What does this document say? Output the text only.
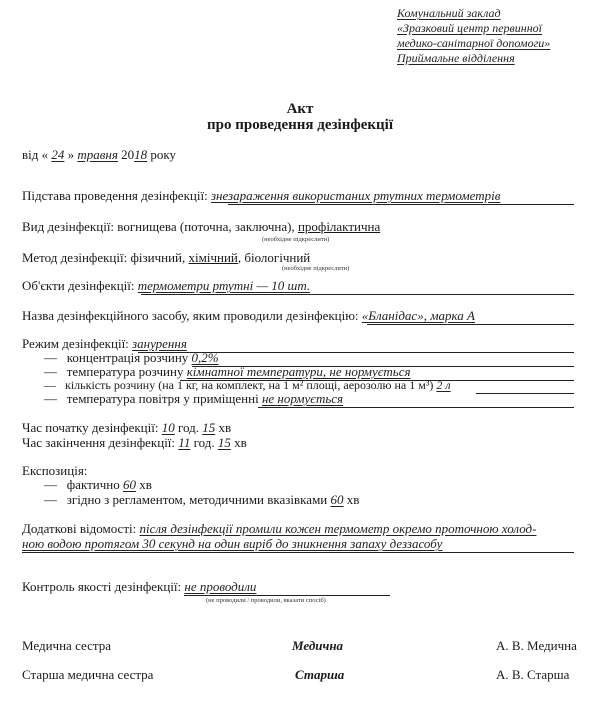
Комунальний заклад
«Зразковий центр первинної
медико-санітарної допомоги»
Приймальне відділення
Акт
про проведення дезінфекції
від « 24 » травня 2018 року
Підстава проведення дезінфекції: знезараження використаних ртутних термометрів
Вид дезінфекції: вогнищева (поточна, заключна), профілактична
(необхідне підкреслити)
Метод дезінфекції: фізичний, хімічний, біологічний
(необхідне підкреслити)
Об'єкти дезінфекції: термометри ртутні — 10 шт.
Назва дезінфекційного засобу, яким проводили дезінфекцію: «Бланідас», марка А
Режим дезінфекції: занурення
—   концентрація розчину 0,2%
—   температура розчину кімнатної температури, не нормується
—   кількість розчину (на 1 кг, на комплект, на 1 м² площі, аерозолю на 1 м³) 2 л
—   температура повітря у приміщенні не нормується
Час початку дезінфекції: 10 год. 15 хв
Час закінчення дезінфекції: 11 год. 15 хв
Експозиція:
—   фактично 60 хв
—   згідно з регламентом, методичними вказівками 60 хв
Додаткові відомості: після дезінфекції промили кожен термометр окремо проточною холод-
ною водою протягом 30 секунд на один виріб до зникнення запаху деззасобу
Контроль якості дезінфекції: не проводили
(не проводили / проводили, вказати спосіб)
Медична сестра	Медична	А. В. Медична
Старша медична сестра	Старша	А. В. Старша
